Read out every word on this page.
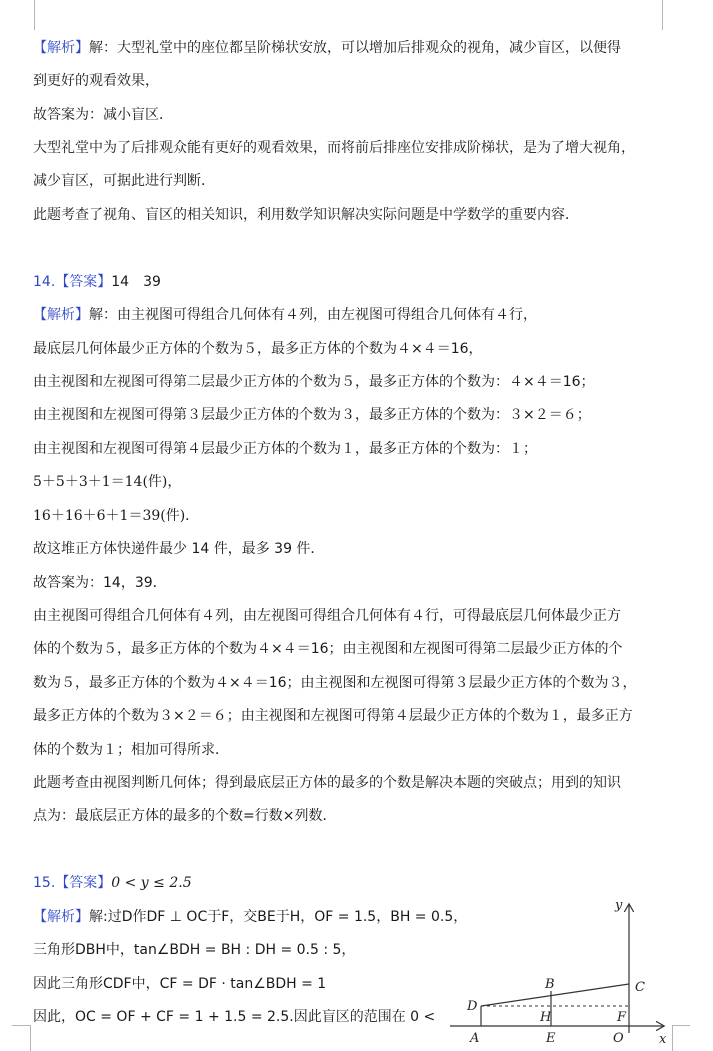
【解析】解：大型礼堂中的座位都呈阶梯状安放，可以增加后排观众的视角，减少盲区，以便得
到更好的观看效果，
故答案为：减小盲区．
大型礼堂中为了后排观众能有更好的观看效果，而将前后排座位安排成阶梯状，是为了增大视角，
减少盲区，可据此进行判断．
此题考查了视角、盲区的相关知识，利用数学知识解决实际问题是中学数学的重要内容．
14.【答案】14　39
【解析】解：由主视图可得组合几何体有４列，由左视图可得组合几何体有４行，
最底层几何体最少正方体的个数为５，最多正方体的个数为４×４＝16，
由主视图和左视图可得第二层最少正方体的个数为５，最多正方体的个数为：４×４＝16；
由主视图和左视图可得第３层最少正方体的个数为３，最多正方体的个数为：３×２＝６；
由主视图和左视图可得第４层最少正方体的个数为１，最多正方体的个数为：１；
5＋5＋3＋1＝14(件)，
16＋16＋6＋1＝39(件)．
故这堆正方体快递件最少 14 件，最多 39 件．
故答案为：14，39．
由主视图可得组合几何体有４列，由左视图可得组合几何体有４行，可得最底层几何体最少正方
体的个数为５，最多正方体的个数为４×４＝16；由主视图和左视图可得第二层最少正方体的个
数为５，最多正方体的个数为４×４＝16；由主视图和左视图可得第３层最少正方体的个数为３，
最多正方体的个数为３×２＝６；由主视图和左视图可得第４层最少正方体的个数为１，最多正方
体的个数为１；相加可得所求．
此题考查由视图判断几何体；得到最底层正方体的最多的个数是解决本题的突破点；用到的知识
点为：最底层正方体的最多的个数=行数×列数．
15.【答案】0 < y ≤ 2.5
【解析】解:过D作DF ⊥ OC于F，交BE于H，OF = 1.5，BH = 0.5，
三角形DBH中，tan∠BDH = BH : DH = 0.5 : 5，
因此三角形CDF中，CF = DF · tan∠BDH = 1
因此，OC = OF + CF = 1 + 1.5 = 2.5.因此盲区的范围在 0 <
y
x
B	C
D
H	F
A	E	O
